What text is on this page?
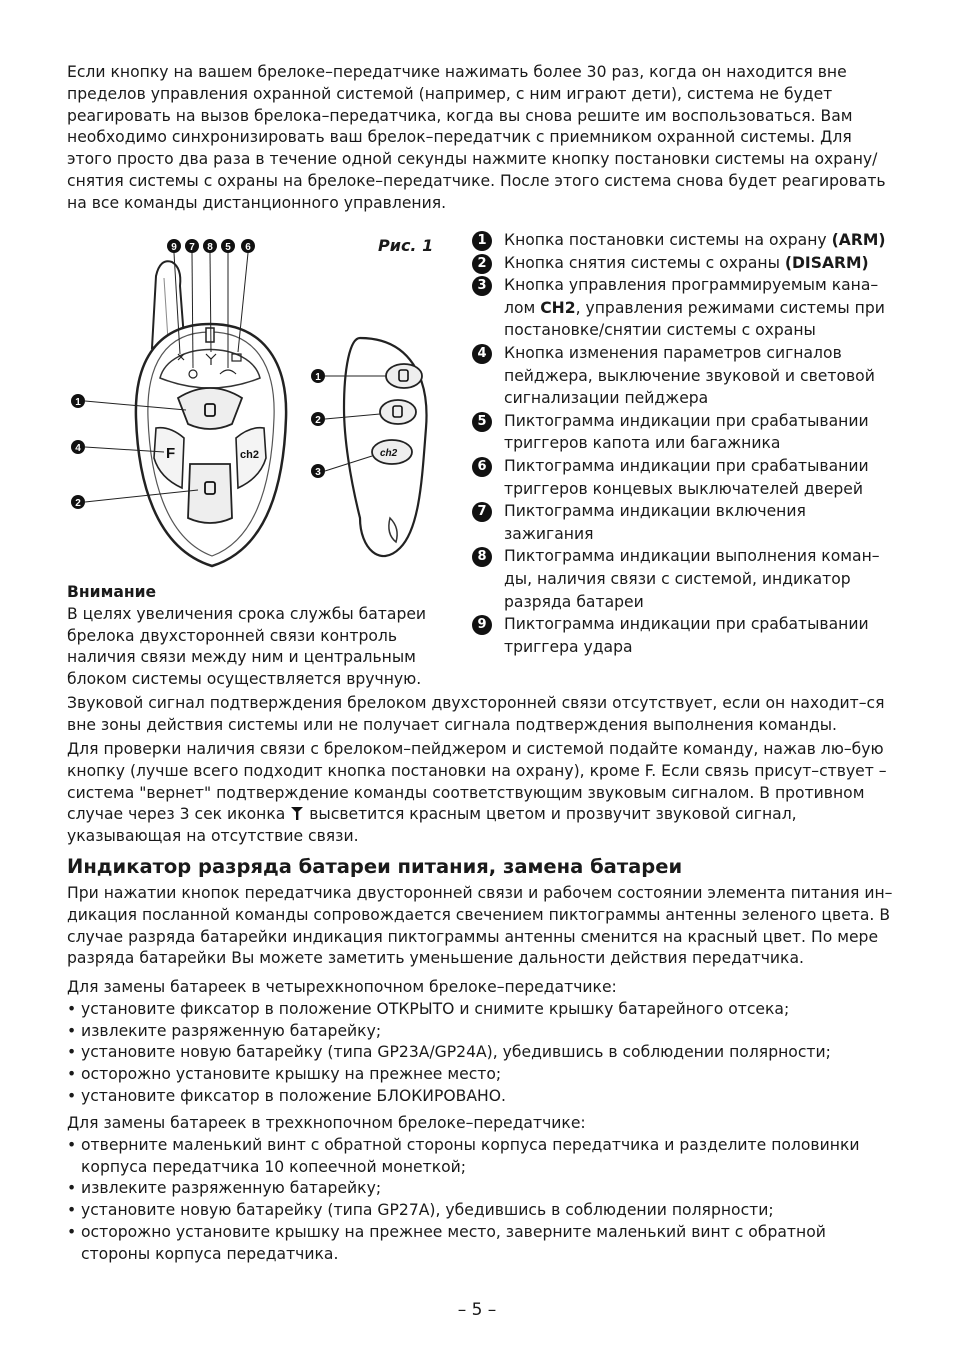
Если кнопку на вашем брелоке–передатчике нажимать более 30 раз, когда он находится вне пределов управления охранной системой (например, с ним играют дети), система не будет реагировать на вызов брелока–передатчика, когда вы снова решите им воспользоваться. Вам необходимо синхронизировать ваш брелок–передатчик с приемником охранной системы. Для этого просто два раза в течение одной секунды нажмите кнопку постановки системы на охрану/снятия системы с охраны на брелоке–передатчике. После этого система снова будет реагировать на все команды дистанционного управления.

F	ch2
9 7 8 5 6
1
4
2
ch2
1
2
3
Рис. 1	1	Кнопка постановки системы на охрану (ARM)
2	Кнопка снятия системы с охраны (DISARM)
3	Кнопка управления программируемым кана–лом CH2, управления режимами системы при постановке/снятии системы с охраны
4	Кнопка изменения параметров сигналов пейджера, выключение звуковой и световой сигнализации пейджера
5	Пиктограмма индикации при срабатывании триггеров капота или багажника
6	Пиктограмма индикации при срабатывании триггеров концевых выключателей дверей
7	Пиктограмма индикации включения зажигания
8	Пиктограмма индикации выполнения коман–ды, наличия связи с системой, индикатор разряда батареи
9	Пиктограмма индикации при срабатывании триггера удара
Внимание

В целях увеличения срока службы батареи брелока двухсторонней связи контроль наличия связи между ним и центральным блоком системы осуществляется вручную.

Звуковой сигнал подтверждения брелоком двухсторонней связи отсутствует, если он находит–ся вне зоны действия системы или не получает сигнала подтверждения выполнения команды.

Для проверки наличия связи с брелоком–пейджером и системой подайте команду, нажав лю–бую кнопку (лучше всего подходит кнопка постановки на охрану), кроме F. Если связь присут–ствует – система "вернет" подтверждение команды соответствующим звуковым сигналом. В противном случае через 3 сек иконка  высветится красным цветом и прозвучит звуковой сигнал, указывающая на отсутствие связи.

Индикатор разряда батареи питания, замена батареи

При нажатии кнопок передатчика двусторонней связи и рабочем состоянии элемента питания ин–дикация посланной команды сопровождается свечением пиктограммы антенны зеленого цвета. В случае разряда батарейки индикация пиктограммы антенны сменится на красный цвет. По мере разряда батарейки Вы можете заметить уменьшение дальности действия передатчика.

Для замены батареек в четырехкнопочном брелоке–передатчике:
• установите фиксатор в положение ОТКРЫТО и снимите крышку батарейного отсека;
• извлеките разряженную батарейку;
• установите новую батарейку (типа GP23A/GP24A), убедившись в соблюдении полярности;
• осторожно установите крышку на прежнее место;
• установите фиксатор в положение БЛОКИРОВАНО.
Для замены батареек в трехкнопочном брелоке–передатчике:
• отверните маленький винт с обратной стороны корпуса передатчика и разделите половинки корпуса передатчика 10 копеечной монеткой;
• извлеките разряженную батарейку;
• установите новую батарейку (типа GP27A), убедившись в соблюдении полярности;
• осторожно установите крышку на прежнее место, заверните маленький винт с обратной стороны корпуса передатчика.
– 5 –
